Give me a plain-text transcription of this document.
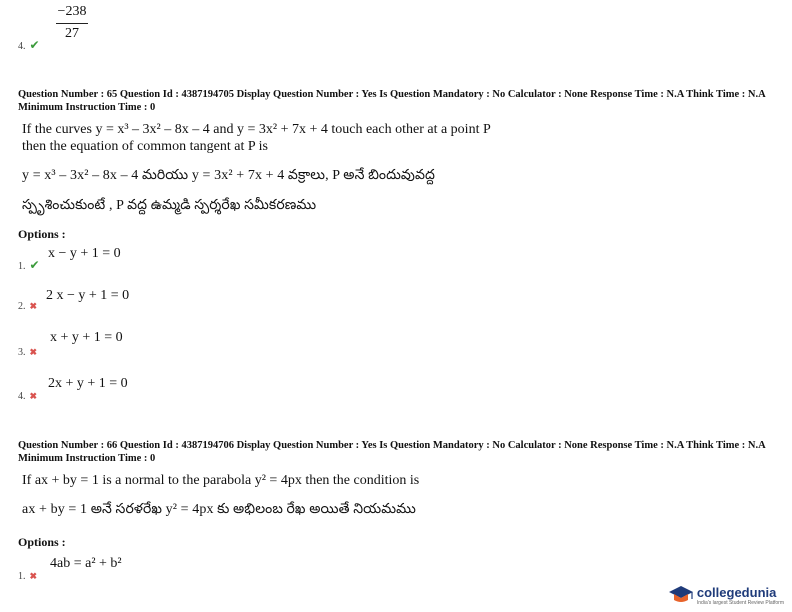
−238
27
4. ✔
Question Number : 65 Question Id : 4387194705 Display Question Number : Yes Is Question Mandatory : No Calculator : None Response Time : N.A Think Time : N.A Minimum Instruction Time : 0
If the curves y = x³ – 3x² – 8x – 4 and y = 3x² + 7x + 4 touch each other at a point P
then the equation of common tangent at P is
y = x³ – 3x² – 8x – 4 మరియు y = 3x² + 7x + 4 వక్రాలు, P అనే బిందువువద్ద
స్పృశించుకుంటే , P వద్ద ఉమ్మడి స్పర్శరేఖ సమీకరణము
Options :
1. ✔
x − y + 1 = 0
2. ✖
2 x − y + 1 = 0
3. ✖
x + y + 1 = 0
4. ✖
2x + y + 1 = 0
Question Number : 66 Question Id : 4387194706 Display Question Number : Yes Is Question Mandatory : No Calculator : None Response Time : N.A Think Time : N.A Minimum Instruction Time : 0
If ax + by = 1 is a normal to the parabola y² = 4px then the condition is
ax + by = 1 అనే సరళరేఖ y² = 4px కు అభిలంబ రేఖ అయితే నియమము
Options :
1. ✖
4ab = a² + b²
collegedunia
India's largest Student Review Platform
